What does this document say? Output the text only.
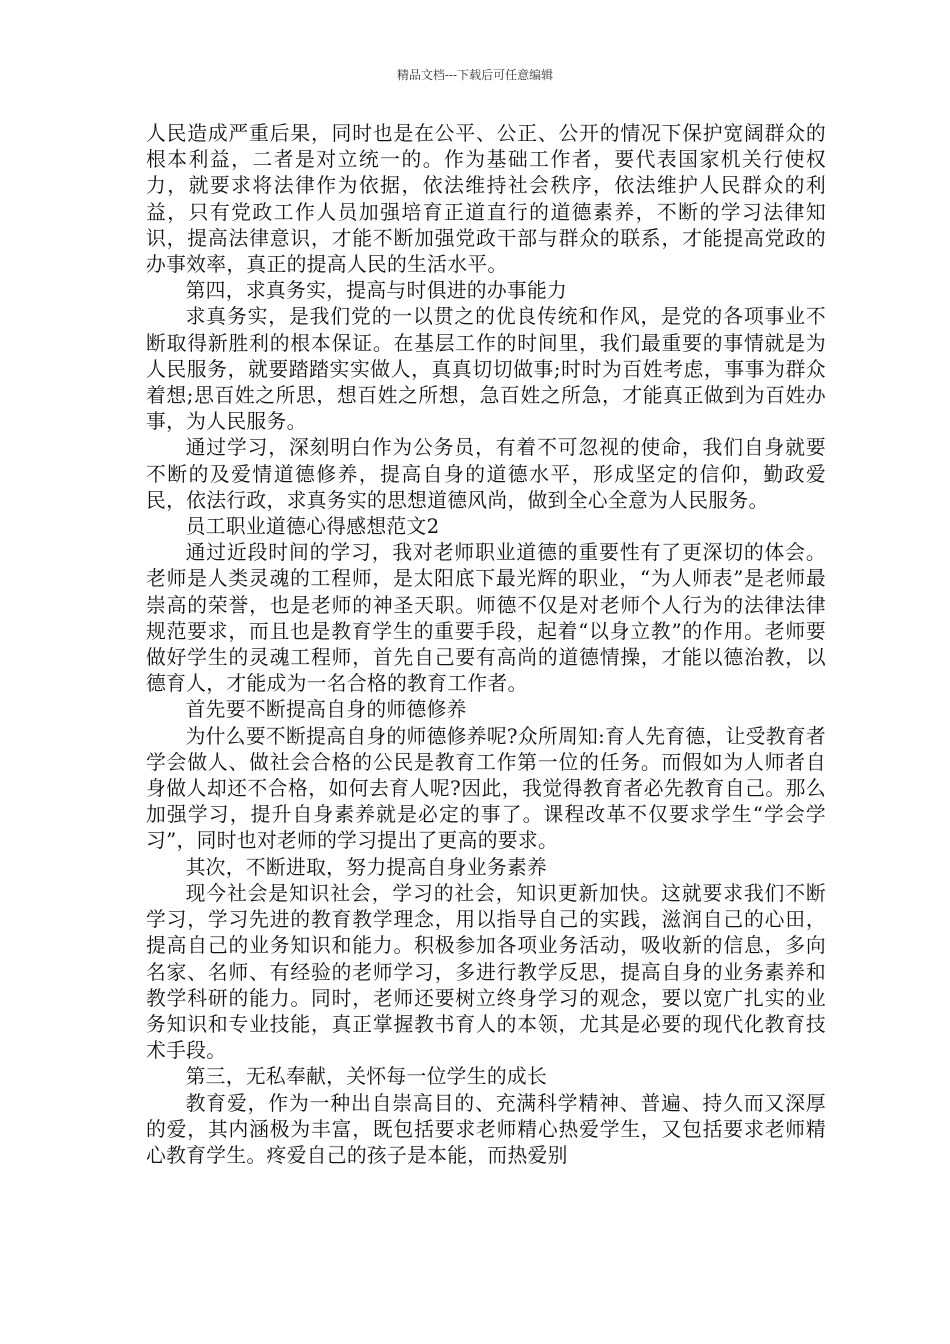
精品文档---下载后可任意编辑

人民造成严重后果，同时也是在公平、公正、公开的情况下保护宽阔群众的根本利益，二者是对立统一的。作为基础工作者，要代表国家机关行使权力，就要求将法律作为依据，依法维持社会秩序，依法维护人民群众的利益，只有党政工作人员加强培育正道直行的道德素养，不断的学习法律知识，提高法律意识，才能不断加强党政干部与群众的联系，才能提高党政的办事效率，真正的提高人民的生活水平。

第四，求真务实，提高与时俱进的办事能力

求真务实，是我们党的一以贯之的优良传统和作风，是党的各项事业不断取得新胜利的根本保证。在基层工作的时间里，我们最重要的事情就是为人民服务，就要踏踏实实做人，真真切切做事;时时为百姓考虑，事事为群众着想;思百姓之所思，想百姓之所想，急百姓之所急，才能真正做到为百姓办事，为人民服务。

通过学习，深刻明白作为公务员，有着不可忽视的使命，我们自身就要不断的及爱情道德修养，提高自身的道德水平，形成坚定的信仰，勤政爱民，依法行政，求真务实的思想道德风尚，做到全心全意为人民服务。

员工职业道德心得感想范文2

通过近段时间的学习，我对老师职业道德的重要性有了更深切的体会。老师是人类灵魂的工程师，是太阳底下最光辉的职业，“为人师表”是老师最崇高的荣誉，也是老师的神圣天职。师德不仅是对老师个人行为的法律法律规范要求，而且也是教育学生的重要手段，起着“以身立教”的作用。老师要做好学生的灵魂工程师，首先自己要有高尚的道德情操，才能以德治教，以德育人，才能成为一名合格的教育工作者。

首先要不断提高自身的师德修养

为什么要不断提高自身的师德修养呢?众所周知:育人先育德，让受教育者学会做人、做社会合格的公民是教育工作第一位的任务。而假如为人师者自身做人却还不合格，如何去育人呢?因此，我觉得教育者必先教育自己。那么加强学习，提升自身素养就是必定的事了。课程改革不仅要求学生“学会学习”，同时也对老师的学习提出了更高的要求。

其次，不断进取，努力提高自身业务素养

现今社会是知识社会，学习的社会，知识更新加快。这就要求我们不断学习，学习先进的教育教学理念，用以指导自己的实践，滋润自己的心田，提高自己的业务知识和能力。积极参加各项业务活动，吸收新的信息，多向名家、名师、有经验的老师学习，多进行教学反思，提高自身的业务素养和教学科研的能力。同时，老师还要树立终身学习的观念，要以宽广扎实的业务知识和专业技能，真正掌握教书育人的本领，尤其是必要的现代化教育技术手段。

第三，无私奉献，关怀每一位学生的成长

教育爱，作为一种出自崇高目的、充满科学精神、普遍、持久而又深厚的爱，其内涵极为丰富，既包括要求老师精心热爱学生，又包括要求老师精心教育学生。疼爱自己的孩子是本能，而热爱别
